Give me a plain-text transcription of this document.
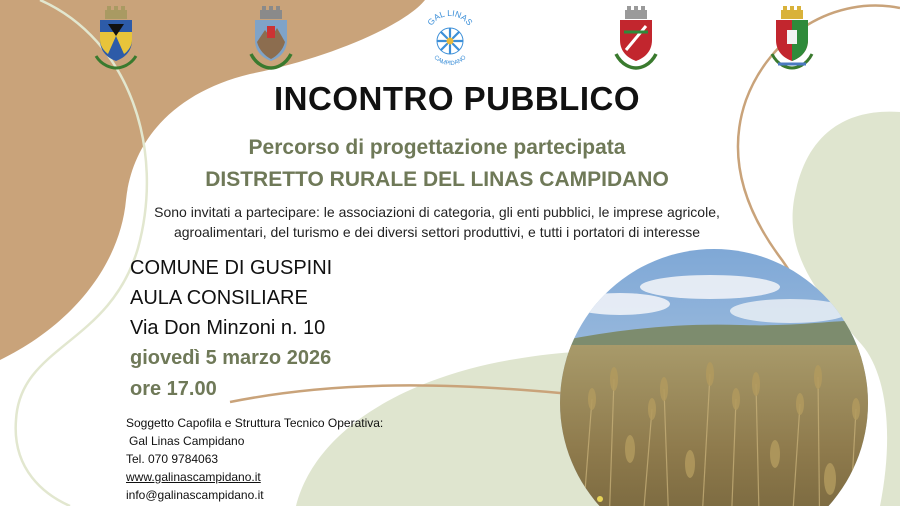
GAL LINAS
CAMPIDANO
INCONTRO PUBBLICO
Percorso di progettazione partecipata
DISTRETTO RURALE DEL LINAS CAMPIDANO
Sono invitati a partecipare: le associazioni di categoria, gli enti pubblici, le imprese agricole,
agroalimentari, del turismo e dei diversi settori produttivi, e tutti i portatori di interesse
COMUNE DI GUSPINI
AULA CONSILIARE
Via Don Minzoni n. 10
giovedì 5 marzo 2026
ore 17.00
Soggetto Capofila e Struttura Tecnico Operativa:
Gal Linas Campidano
Tel. 070 9784063
www.galinascampidano.it
info@galinascampidano.it
